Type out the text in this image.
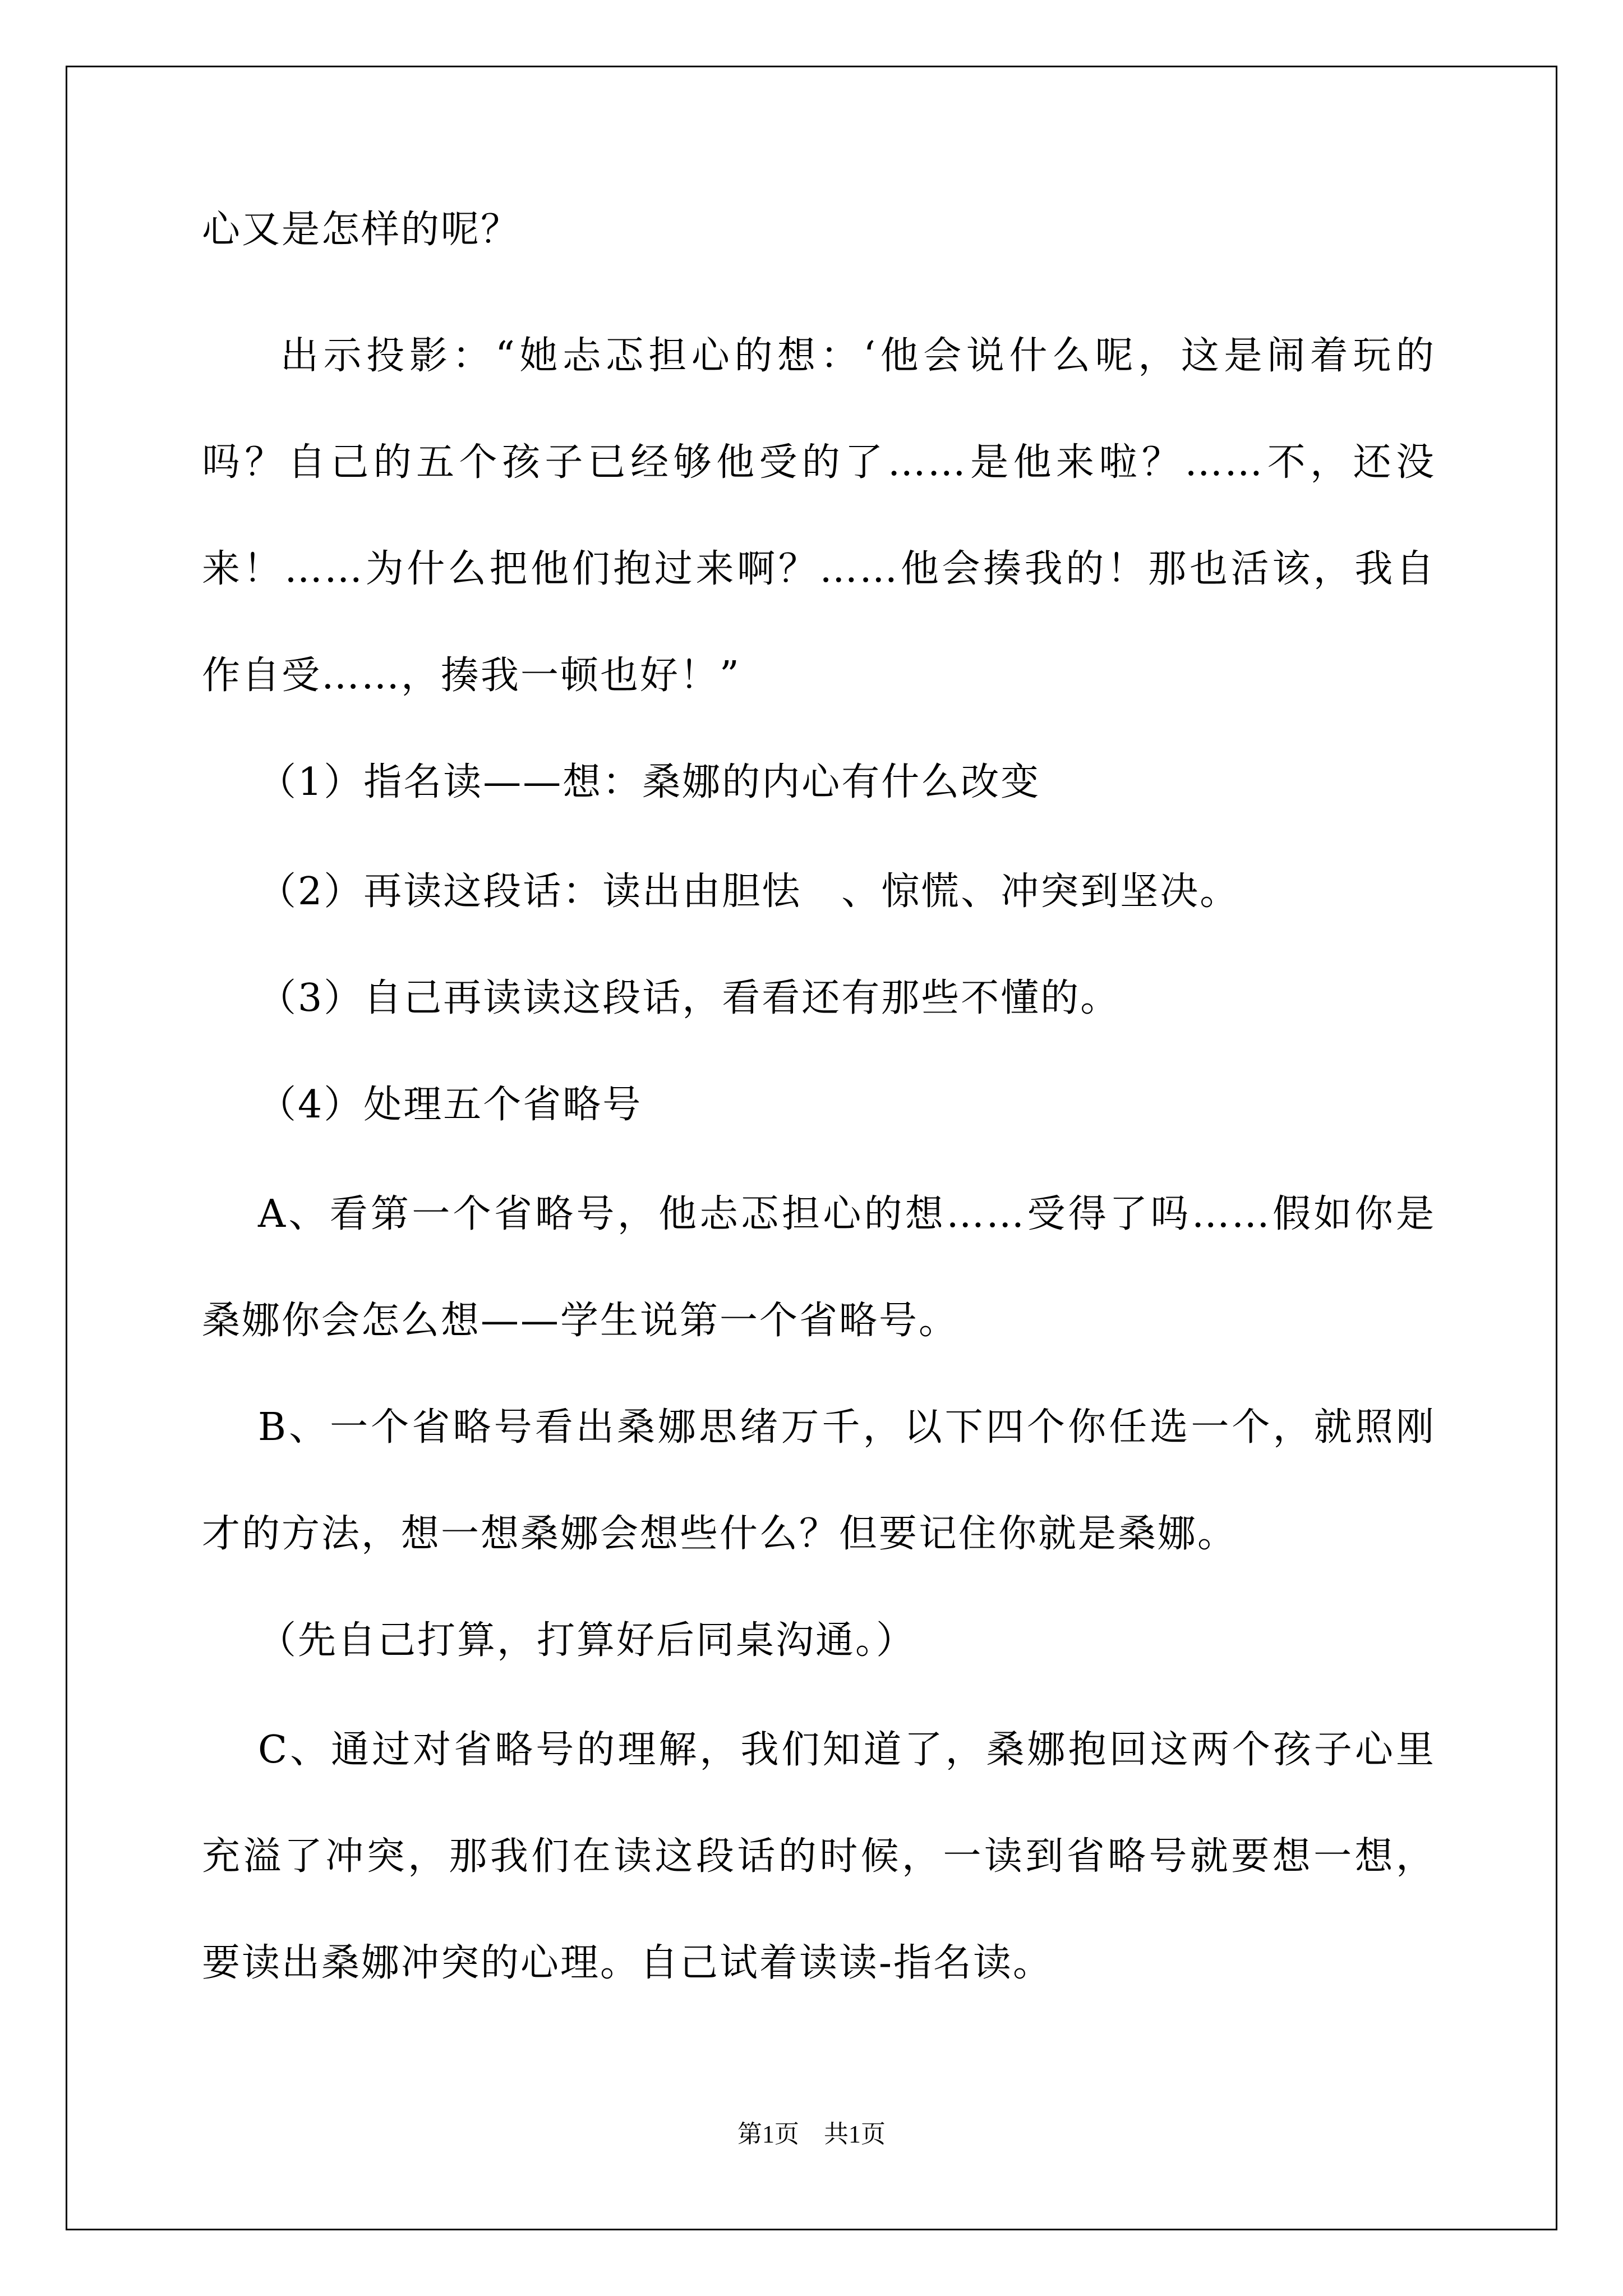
心又是怎样的呢？
出示投影：“她忐忑担心的想：‘他会说什么呢，这是闹着玩的
吗？自己的五个孩子已经够他受的了……是他来啦？……不，还没
来！……为什么把他们抱过来啊？……他会揍我的！那也活该，我自
作自受……，揍我一顿也好！”
（1）指名读——想：桑娜的内心有什么改变
（2）再读这段话：读出由胆怯　、惊慌、冲突到坚决。
（3）自己再读读这段话，看看还有那些不懂的。
（4）处理五个省略号
A、看第一个省略号，他忐忑担心的想……受得了吗……假如你是
桑娜你会怎么想——学生说第一个省略号。
B、一个省略号看出桑娜思绪万千，以下四个你任选一个，就照刚
才的方法，想一想桑娜会想些什么？但要记住你就是桑娜。
（先自己打算，打算好后同桌沟通。）
C、通过对省略号的理解，我们知道了，桑娜抱回这两个孩子心里
充溢了冲突，那我们在读这段话的时候，一读到省略号就要想一想，
要读出桑娜冲突的心理。自己试着读读-指名读。
第1页　共1页
